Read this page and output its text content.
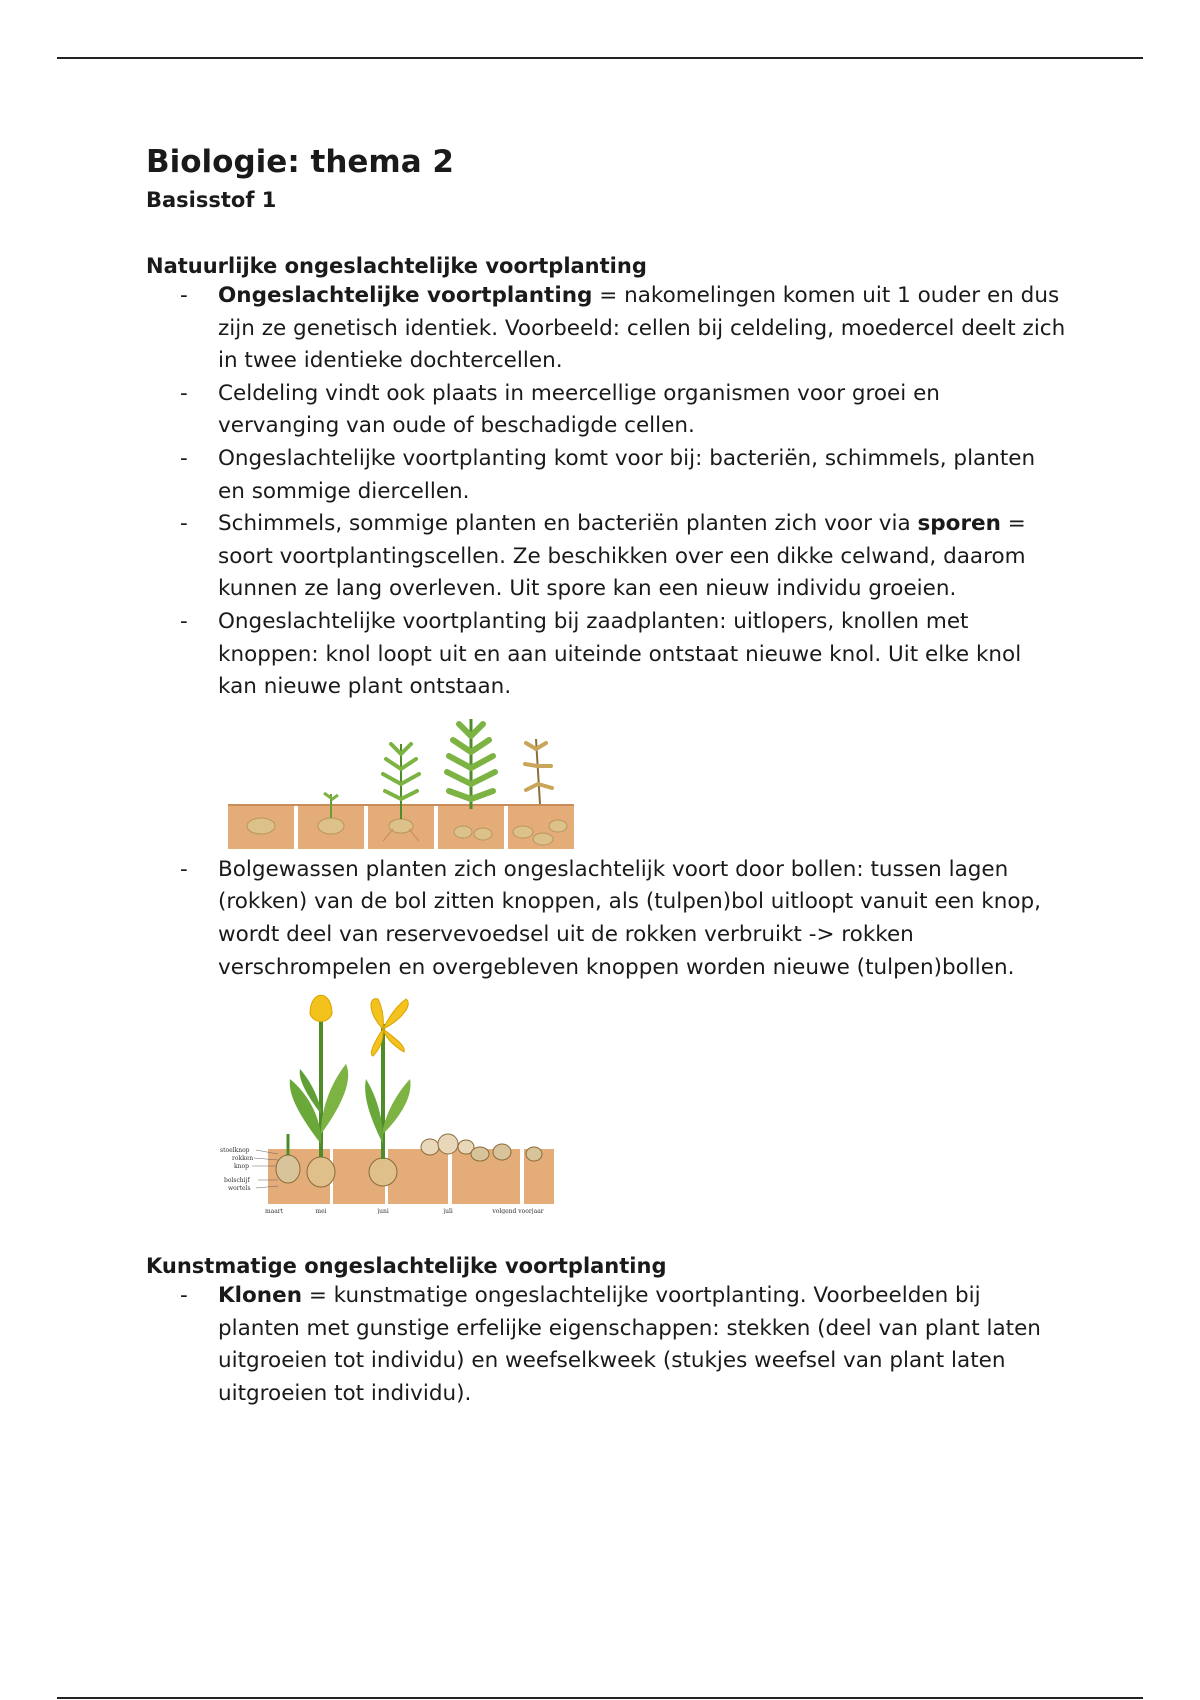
Biologie: thema 2
Basisstof 1
Natuurlijke ongeslachtelijke voortplanting
- Ongeslachtelijke voortplanting = nakomelingen komen uit 1 ouder en dus zijn ze genetisch identiek. Voorbeeld: cellen bij celdeling, moedercel deelt zich in twee identieke dochtercellen.
- Celdeling vindt ook plaats in meercellige organismen voor groei en vervanging van oude of beschadigde cellen.
- Ongeslachtelijke voortplanting komt voor bij: bacteriën, schimmels, planten en sommige diercellen.
- Schimmels, sommige planten en bacteriën planten zich voor via sporen = soort voortplantingscellen. Ze beschikken over een dikke celwand, daarom kunnen ze lang overleven. Uit spore kan een nieuw individu groeien.
- Ongeslachtelijke voortplanting bij zaadplanten: uitlopers, knollen met knoppen: knol loopt uit en aan uiteinde ontstaat nieuwe knol. Uit elke knol kan nieuwe plant ontstaan.
- Bolgewassen planten zich ongeslachtelijk voort door bollen: tussen lagen (rokken) van de bol zitten knoppen, als (tulpen)bol uitloopt vanuit een knop, wordt deel van reservevoedsel uit de rokken verbruikt -> rokken verschrompelen en overgebleven knoppen worden nieuwe (tulpen)bollen.
stoelknop
rokken
knop
bolschijf
wortels
maart	mei	juni	juli	volgend voorjaar
Kunstmatige ongeslachtelijke voortplanting
- Klonen = kunstmatige ongeslachtelijke voortplanting. Voorbeelden bij planten met gunstige erfelijke eigenschappen: stekken (deel van plant laten uitgroeien tot individu) en weefselkweek (stukjes weefsel van plant laten uitgroeien tot individu).
